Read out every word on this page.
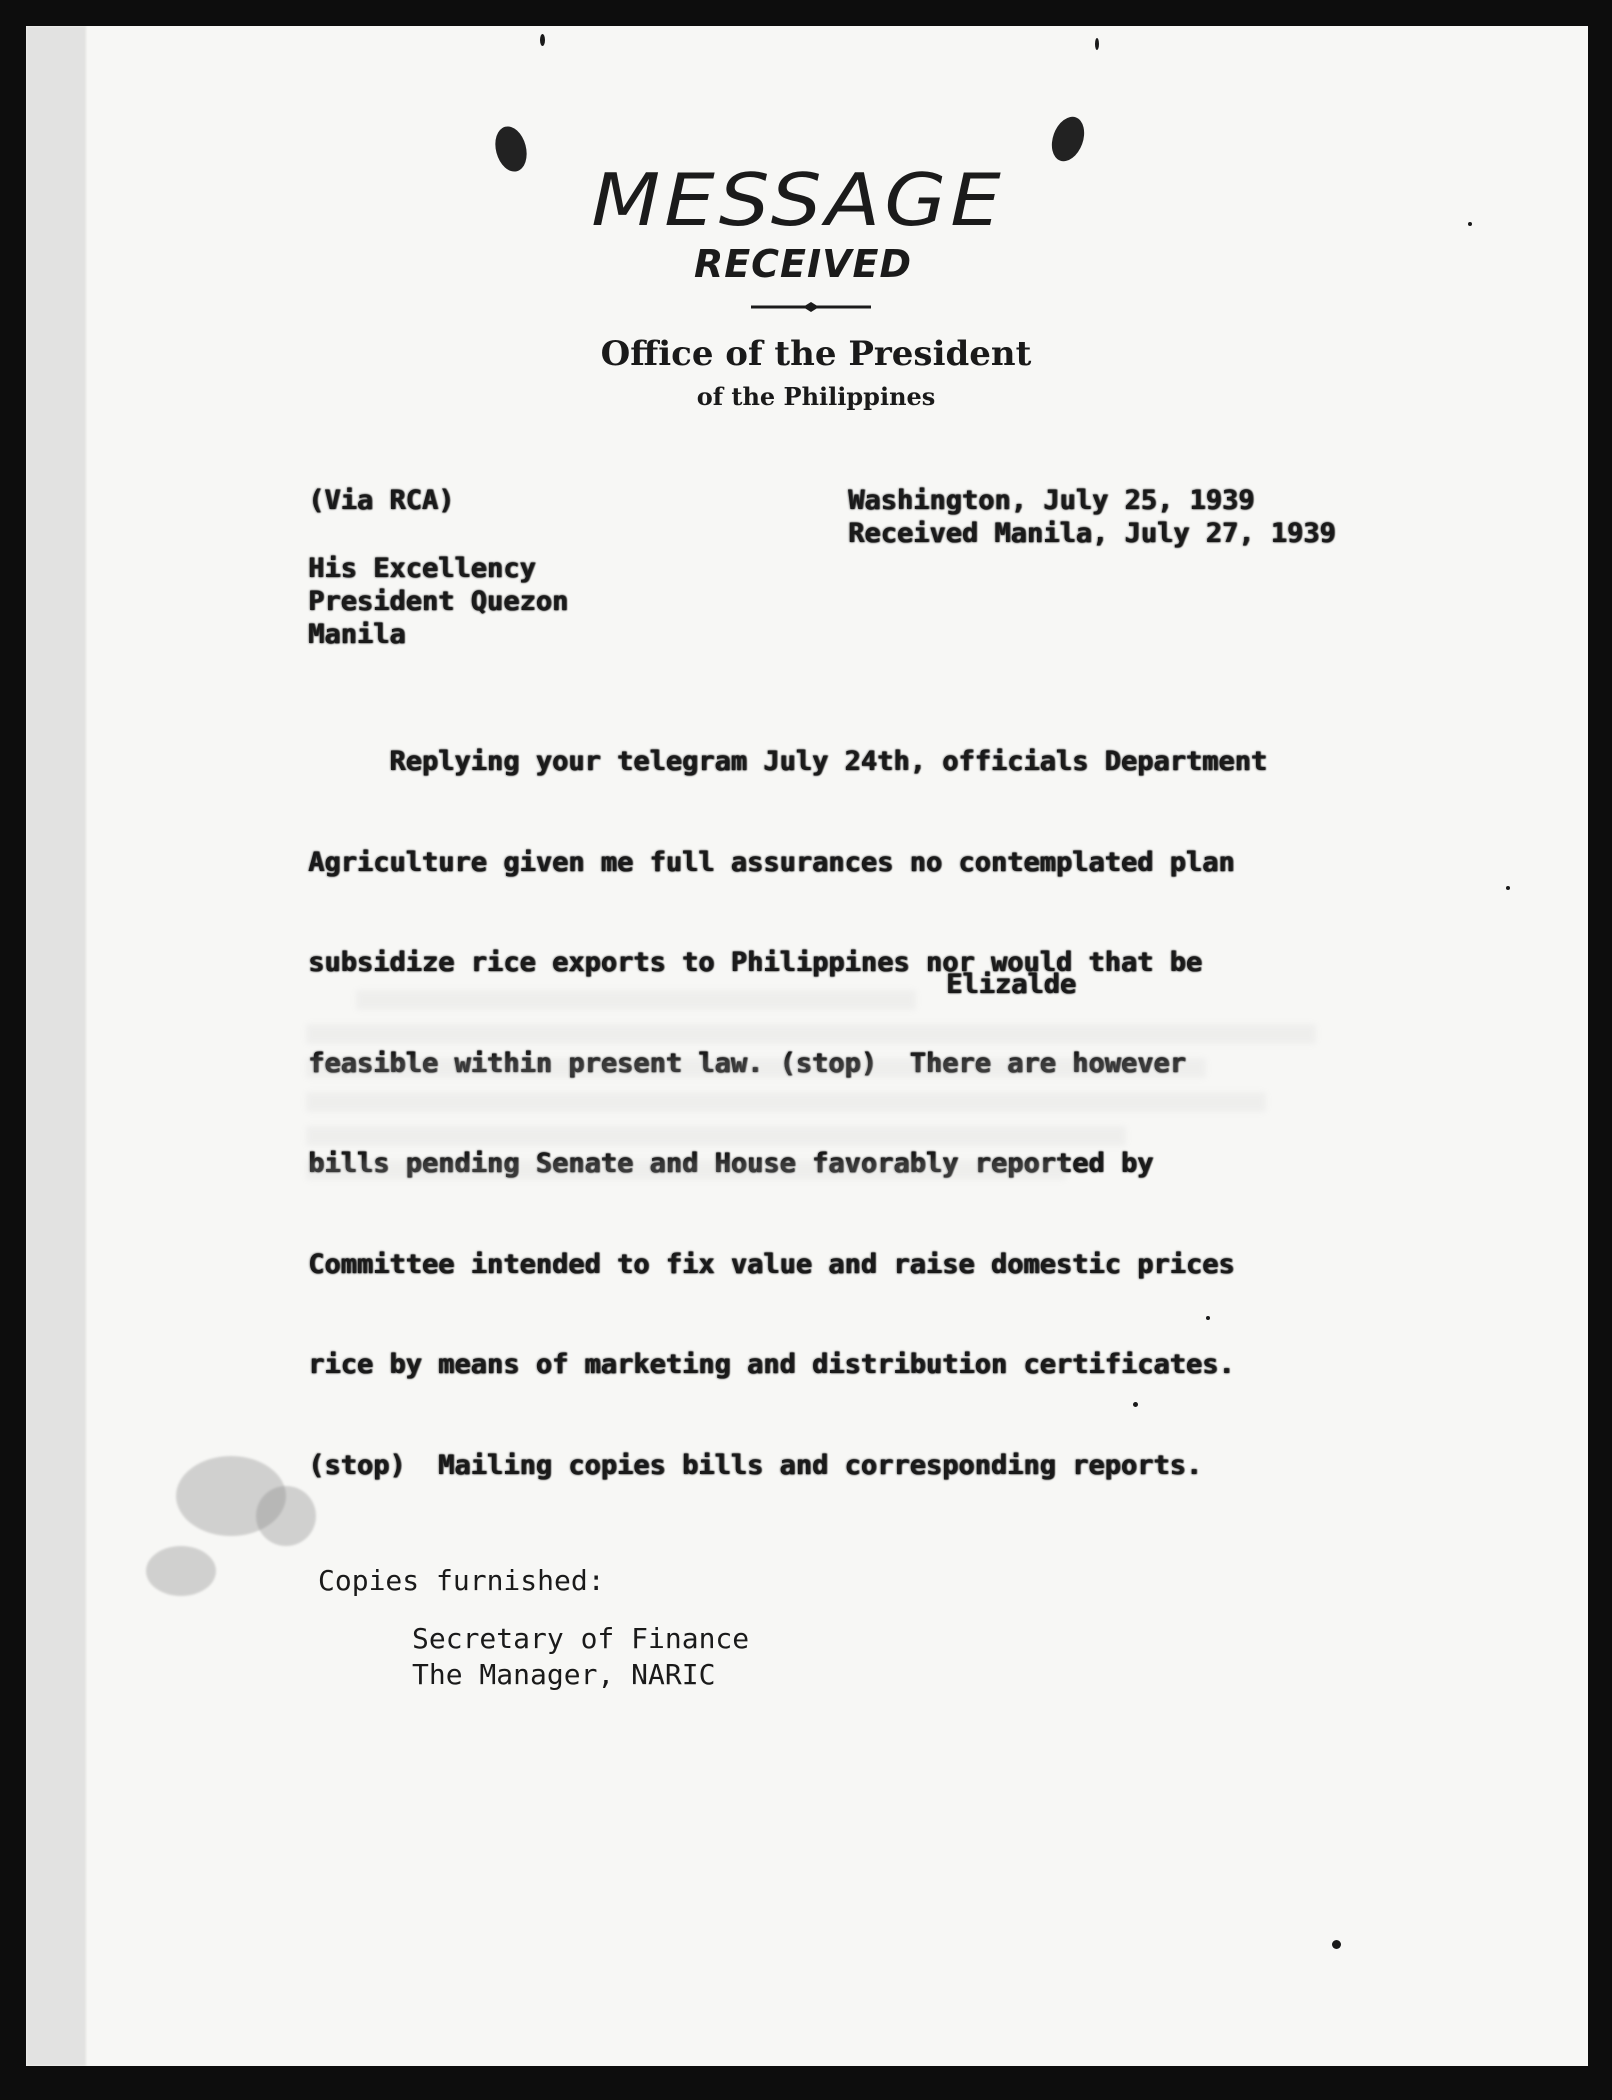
MESSAGE
RECEIVED
Office of the President
of the Philippines
(Via RCA)	Washington, July 25, 1939
Received Manila, July 27, 1939
His Excellency
President Quezon
Manila

Replying your telegram July 24th, officials Department

Agriculture given me full assurances no contemplated plan

subsidize rice exports to Philippines nor would that be

feasible within present law. (stop)  There are however

bills pending Senate and House favorably reported by

Committee intended to fix value and raise domestic prices

rice by means of marketing and distribution certificates.

(stop)  Mailing copies bills and corresponding reports.

Elizalde
Copies furnished:
Secretary of Finance
The Manager, NARIC
